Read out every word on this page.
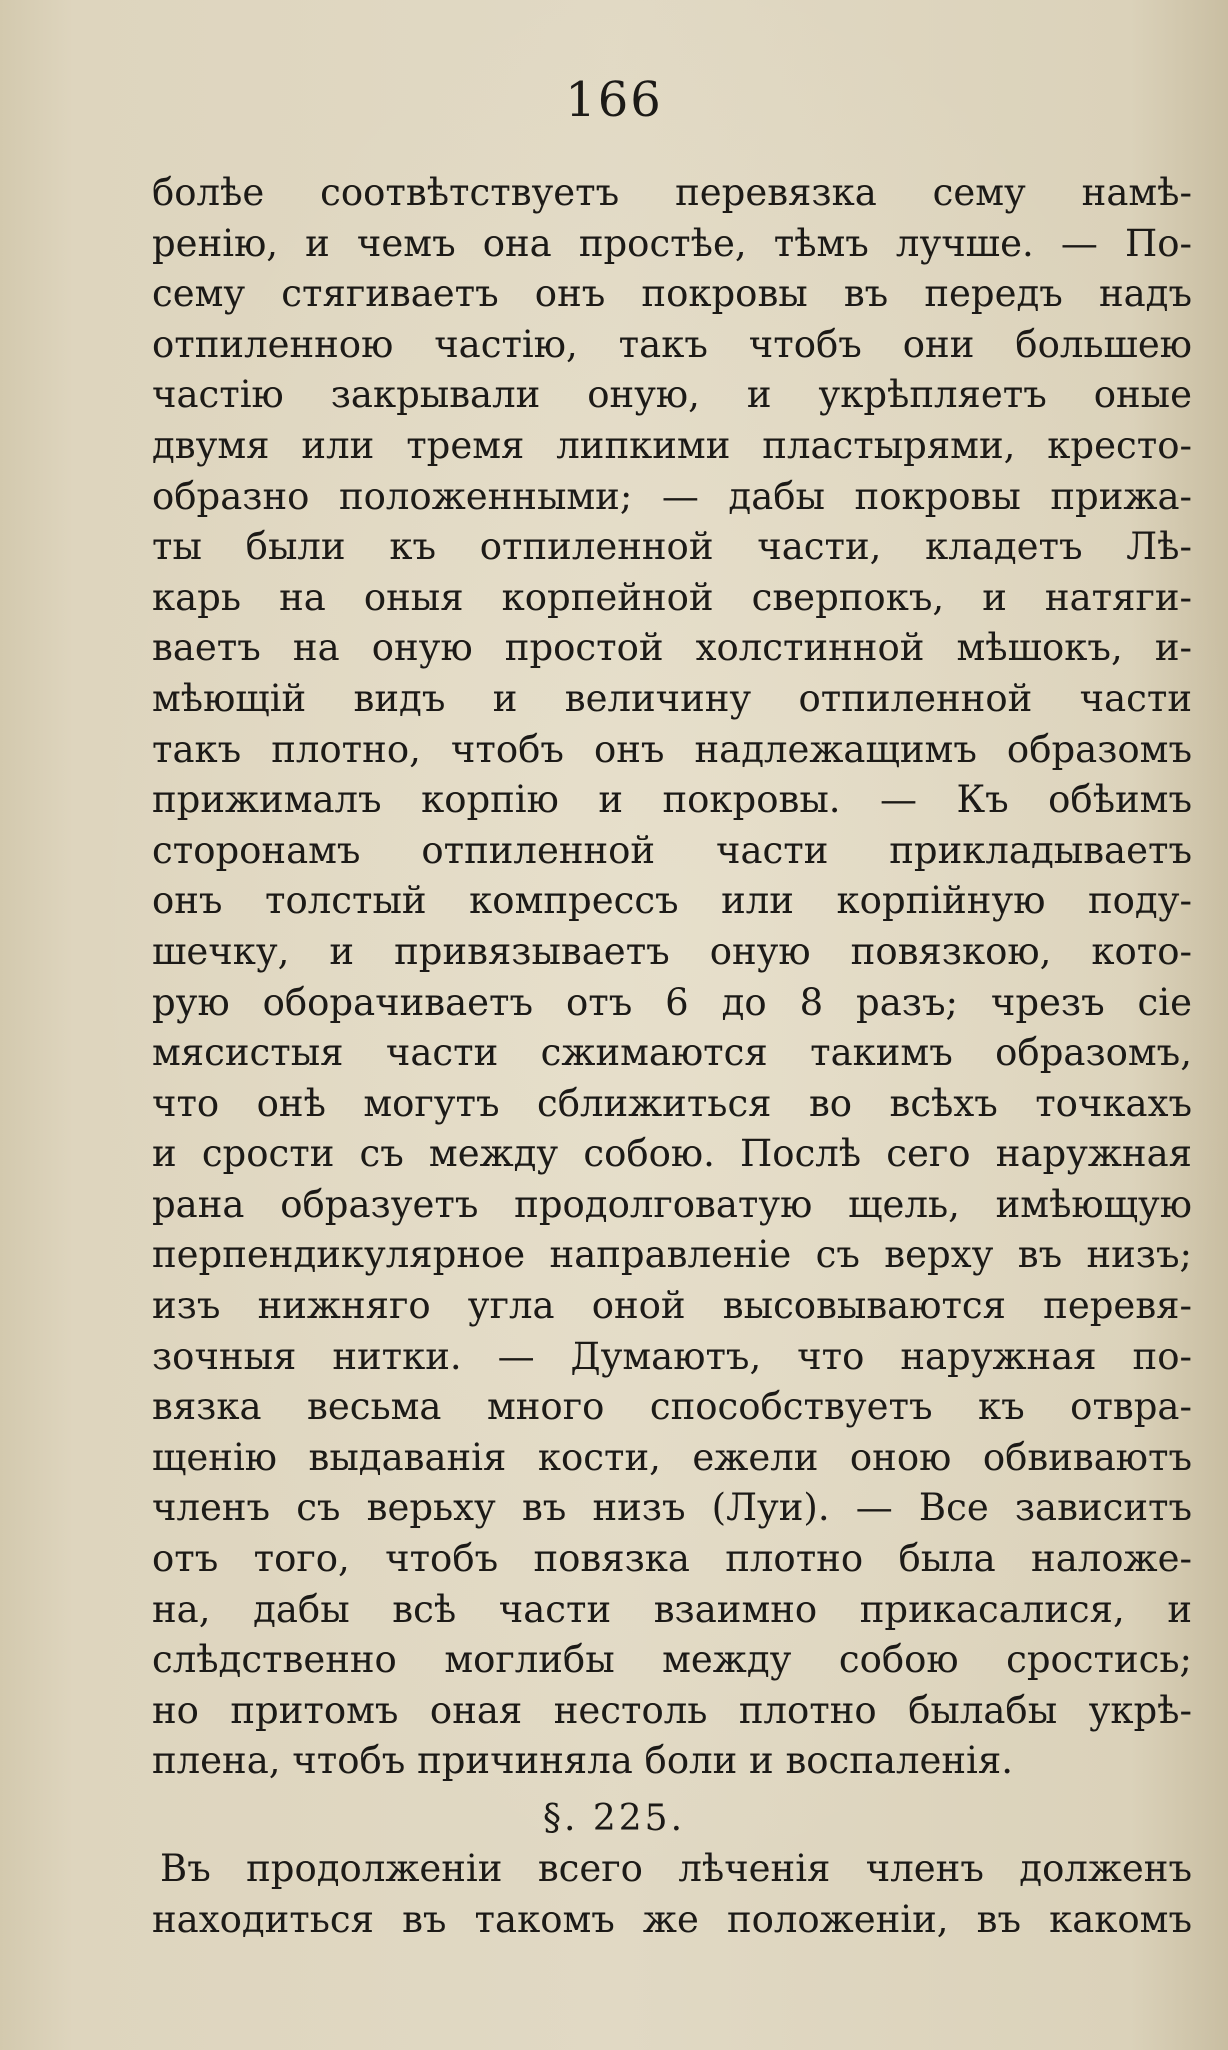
166
болѣе соотвѣтствуетъ перевязка сему намѣ-
ренію, и чемъ она простѣе, тѣмъ лучше. — По-
сему стягиваетъ онъ покровы въ передъ надъ
отпиленною частію, такъ чтобъ они большею
частію закрывали оную, и укрѣпляетъ оные
двумя или тремя липкими пластырями, кресто-
образно положенными; — дабы покровы прижа-
ты были къ отпиленной части, кладетъ Лѣ-
карь на оныя корпейной сверпокъ, и натяги-
ваетъ на оную простой холстинной мѣшокъ, и-
мѣющій видъ и величину отпиленной части
такъ плотно, чтобъ онъ надлежащимъ образомъ
прижималъ корпію и покровы. — Къ обѣимъ
сторонамъ отпиленной части прикладываетъ
онъ толстый компрессъ или корпійную поду-
шечку, и привязываетъ оную повязкою, кото-
рую оборачиваетъ отъ 6 до 8 разъ; чрезъ сіе
мясистыя части сжимаются такимъ образомъ,
что онѣ могутъ сближиться во всѣхъ точкахъ
и срости съ между собою. Послѣ сего наружная
рана образуетъ продолговатую щель, имѣющую
перпендикулярное направленіе съ верху въ низъ;
изъ нижняго угла оной высовываются перевя-
зочныя нитки. — Думаютъ, что наружная по-
вязка весьма много способствуетъ къ отвра-
щенію выдаванія кости, ежели оною обвиваютъ
членъ съ верьху въ низъ (Луи). — Все зависитъ
отъ того, чтобъ повязка плотно была наложе-
на, дабы всѣ части взаимно прикасалися, и
слѣдственно моглибы между собою сростись;
но притомъ оная нестоль плотно былабы укрѣ-
плена, чтобъ причиняла боли и воспаленія.
§. 225.
Въ продолженіи всего лѣченія членъ долженъ
находиться въ такомъ же положеніи, въ какомъ
